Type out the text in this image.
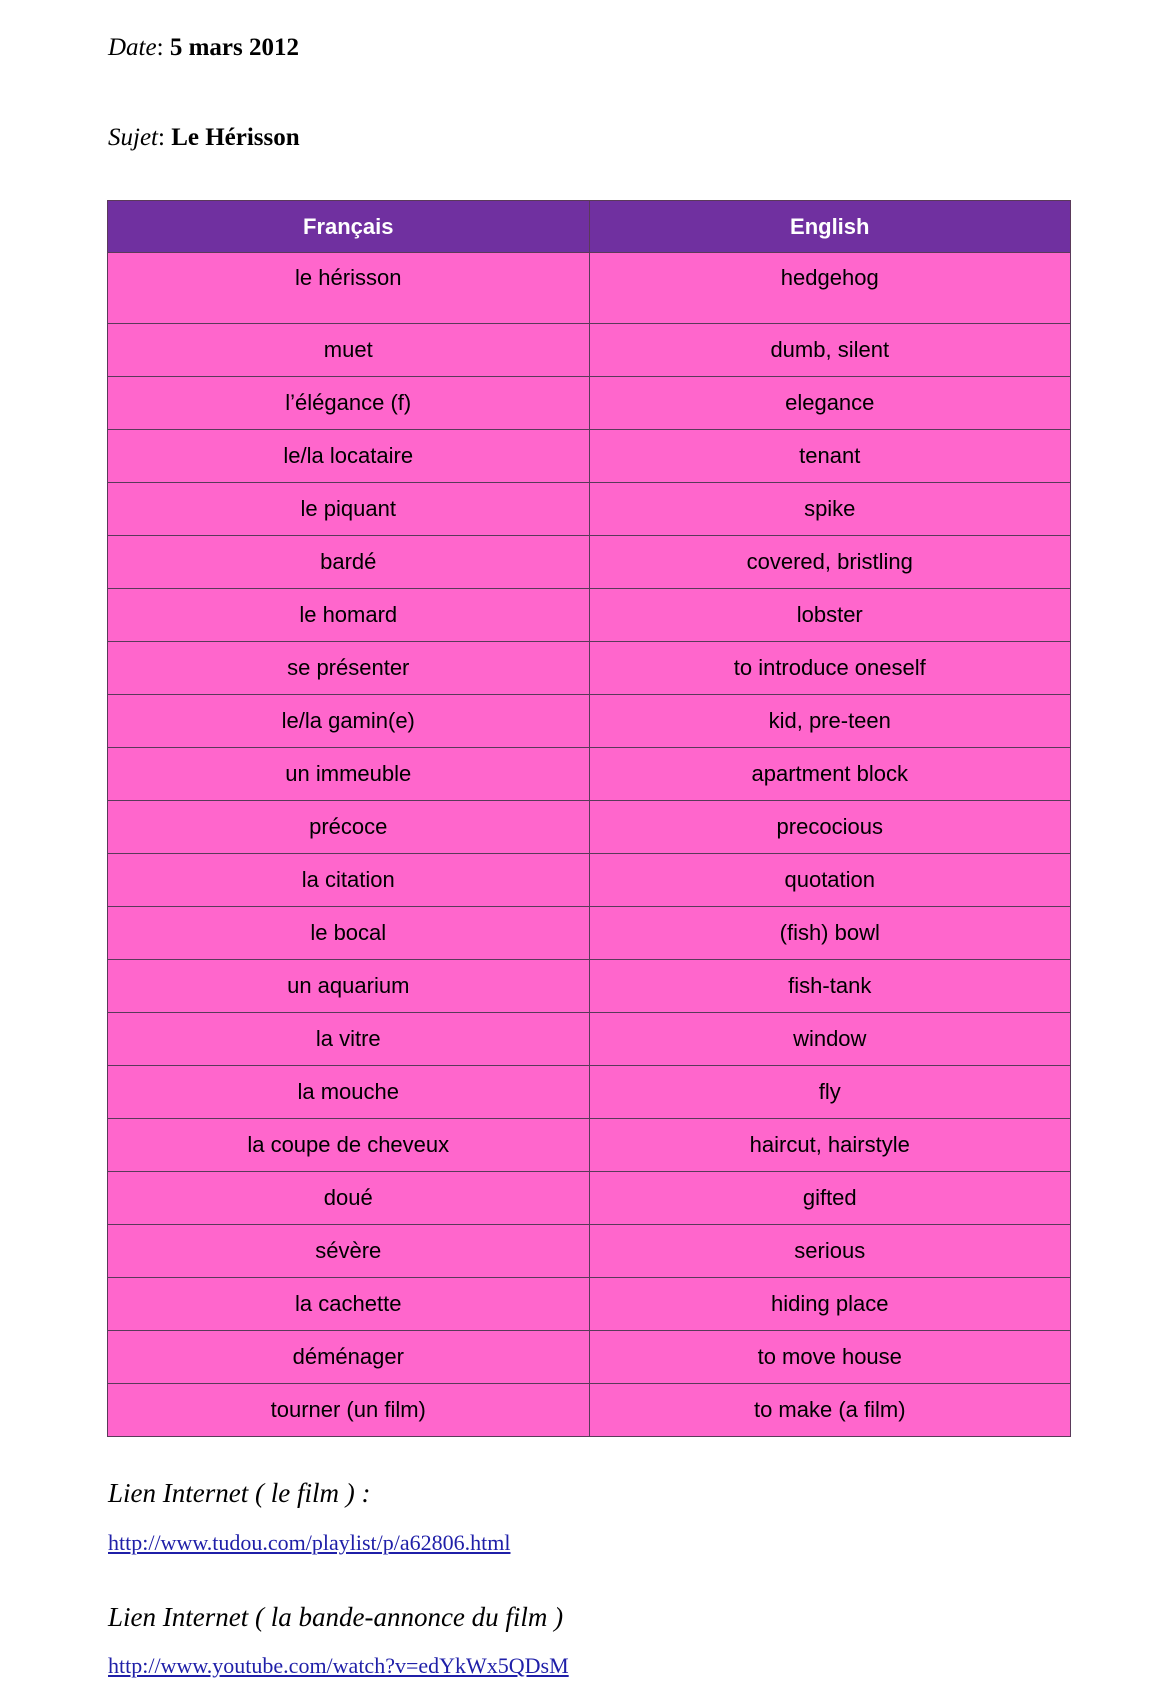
Date: 5 mars 2012
Sujet: Le Hérisson
Français	English
le hérisson	hedgehog
muet	dumb, silent
l’élégance (f)	elegance
le/la locataire	tenant
le piquant	spike
bardé	covered, bristling
le homard	lobster
se présenter	to introduce oneself
le/la gamin(e)	kid, pre-teen
un immeuble	apartment block
précoce	precocious
la citation	quotation
le bocal	(fish) bowl
un aquarium	fish-tank
la vitre	window
la mouche	fly
la coupe de cheveux	haircut, hairstyle
doué	gifted
sévère	serious
la cachette	hiding place
déménager	to move house
tourner (un film)	to make (a film)
Lien Internet ( le film ) :
http://www.tudou.com/playlist/p/a62806.html
Lien Internet ( la bande-annonce du film )
http://www.youtube.com/watch?v=edYkWx5QDsM
